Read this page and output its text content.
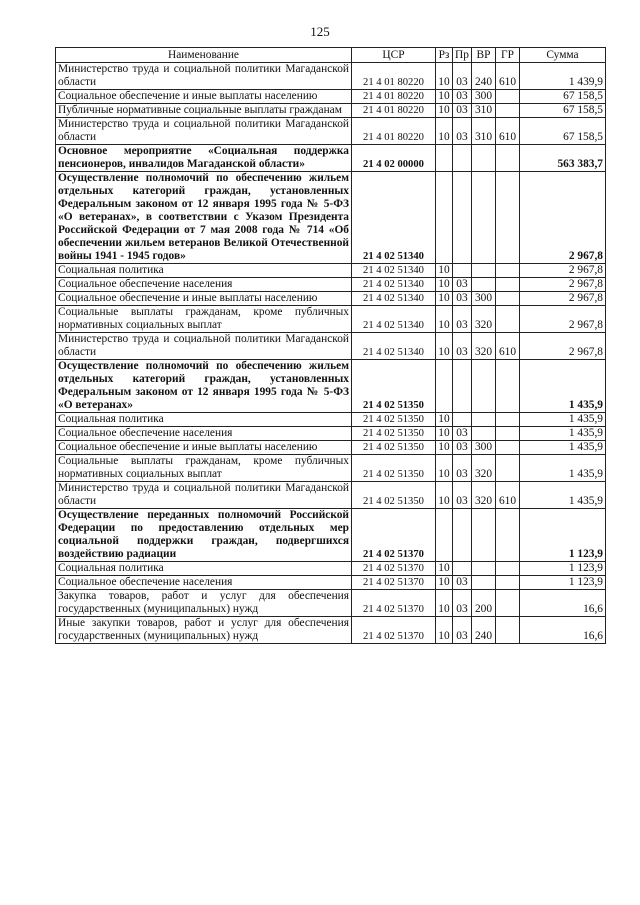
125
Наименование	ЦСР	Рз	Пр	ВР	ГР	Сумма
Министерство труда и социальной политики Магаданской области	21 4 01 80220	10	03	240	610	1 439,9
Социальное обеспечение и иные выплаты населению	21 4 01 80220	10	03	300		67 158,5
Публичные нормативные социальные выплаты гражданам	21 4 01 80220	10	03	310		67 158,5
Министерство труда и социальной политики Магаданской области	21 4 01 80220	10	03	310	610	67 158,5
Основное мероприятие «Социальная поддержка пенсионеров, инвалидов Магаданской области»	21 4 02 00000					563 383,7
Осуществление полномочий по обеспечению жильем отдельных категорий граждан, установленных Федеральным законом от 12 января 1995 года № 5-ФЗ «О ветеранах», в соответствии с Указом Президента Российской Федерации от 7 мая 2008 года № 714 «Об обеспечении жильем ветеранов Великой Отечественной войны 1941 - 1945 годов»	21 4 02 51340					2 967,8
Социальная политика	21 4 02 51340	10				2 967,8
Социальное обеспечение населения	21 4 02 51340	10	03			2 967,8
Социальное обеспечение и иные выплаты населению	21 4 02 51340	10	03	300		2 967,8
Социальные выплаты гражданам, кроме публичных нормативных социальных выплат	21 4 02 51340	10	03	320		2 967,8
Министерство труда и социальной политики Магаданской области	21 4 02 51340	10	03	320	610	2 967,8
Осуществление полномочий по обеспечению жильем отдельных категорий граждан, установленных Федеральным законом от 12 января 1995 года № 5-ФЗ «О ветеранах»	21 4 02 51350					1 435,9
Социальная политика	21 4 02 51350	10				1 435,9
Социальное обеспечение населения	21 4 02 51350	10	03			1 435,9
Социальное обеспечение и иные выплаты населению	21 4 02 51350	10	03	300		1 435,9
Социальные выплаты гражданам, кроме публичных нормативных социальных выплат	21 4 02 51350	10	03	320		1 435,9
Министерство труда и социальной политики Магаданской области	21 4 02 51350	10	03	320	610	1 435,9
Осуществление переданных полномочий Российской Федерации по предоставлению отдельных мер социальной поддержки граждан, подвергшихся воздействию радиации	21 4 02 51370					1 123,9
Социальная политика	21 4 02 51370	10				1 123,9
Социальное обеспечение населения	21 4 02 51370	10	03			1 123,9
Закупка товаров, работ и услуг для обеспечения государственных (муниципальных) нужд	21 4 02 51370	10	03	200		16,6
Иные закупки товаров, работ и услуг для обеспечения государственных (муниципальных) нужд	21 4 02 51370	10	03	240		16,6
